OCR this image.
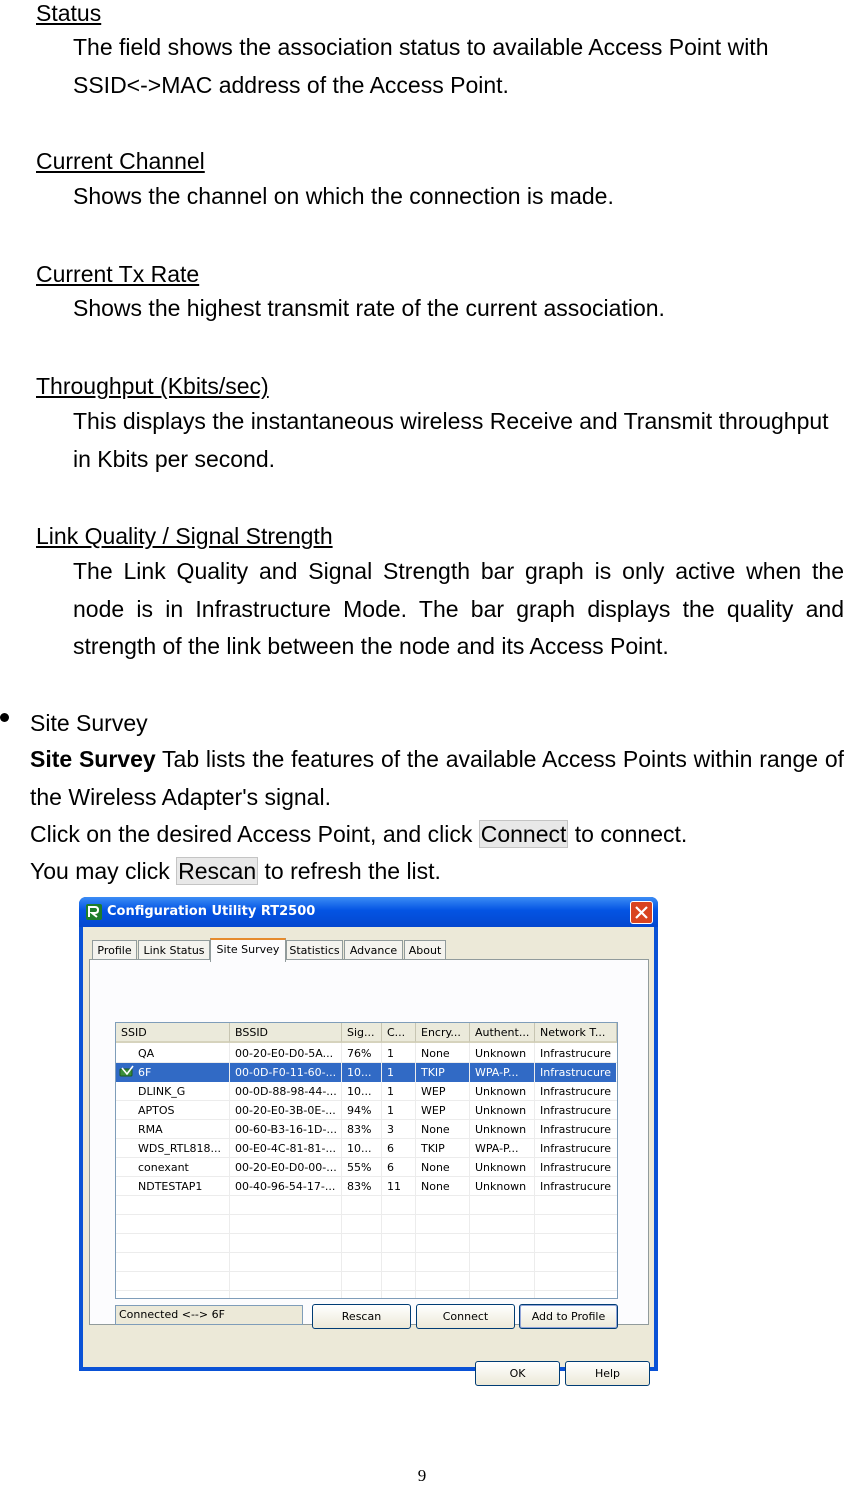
Status
The field shows the association status to available Access Point with SSID<->MAC address of the Access Point.
Current Channel
Shows the channel on which the connection is made.
Current Tx Rate
Shows the highest transmit rate of the current association.
Throughput (Kbits/sec)
This displays the instantaneous wireless Receive and Transmit throughput in Kbits per second.
Link Quality / Signal Strength
The Link Quality and Signal Strength bar graph is only active when the node is in Infrastructure Mode. The bar graph displays the quality and strength of the link between the node and its Access Point.
Site Survey
Site Survey Tab lists the features of the available Access Points within range of the Wireless Adapter's signal.
Click on the desired Access Point, and click Connect to connect.
You may click Rescan to refresh the list.
Configuration Utility RT2500
Profile	Link Status	Site Survey Statistics Advance	About
SSID	BSSID	Sig...	C...	Encry...	Authent... Network T...
QA	00-20-E0-D0-5A...	76%	1	None	Unknown	Infrastrucure
6F	00-0D-F0-11-60-... 10...	1	TKIP	WPA-P...	Infrastrucure
DLINK_G	00-0D-88-98-44-... 10...	1	WEP	Unknown	Infrastrucure
APTOS	00-20-E0-3B-0E-...	94%	1	WEP	Unknown	Infrastrucure
RMA	00-60-B3-16-1D-... 83%	3	None	Unknown	Infrastrucure
WDS_RTL818...	00-E0-4C-81-81-...	10...	6	TKIP	WPA-P...	Infrastrucure
conexant	00-20-E0-D0-00-... 55%	6	None	Unknown	Infrastrucure
NDTESTAP1	00-40-96-54-17-...	83%	11	None	Unknown	Infrastrucure
Connected <--> 6F	Rescan	Connect	Add to Profile
OK	Help
9
